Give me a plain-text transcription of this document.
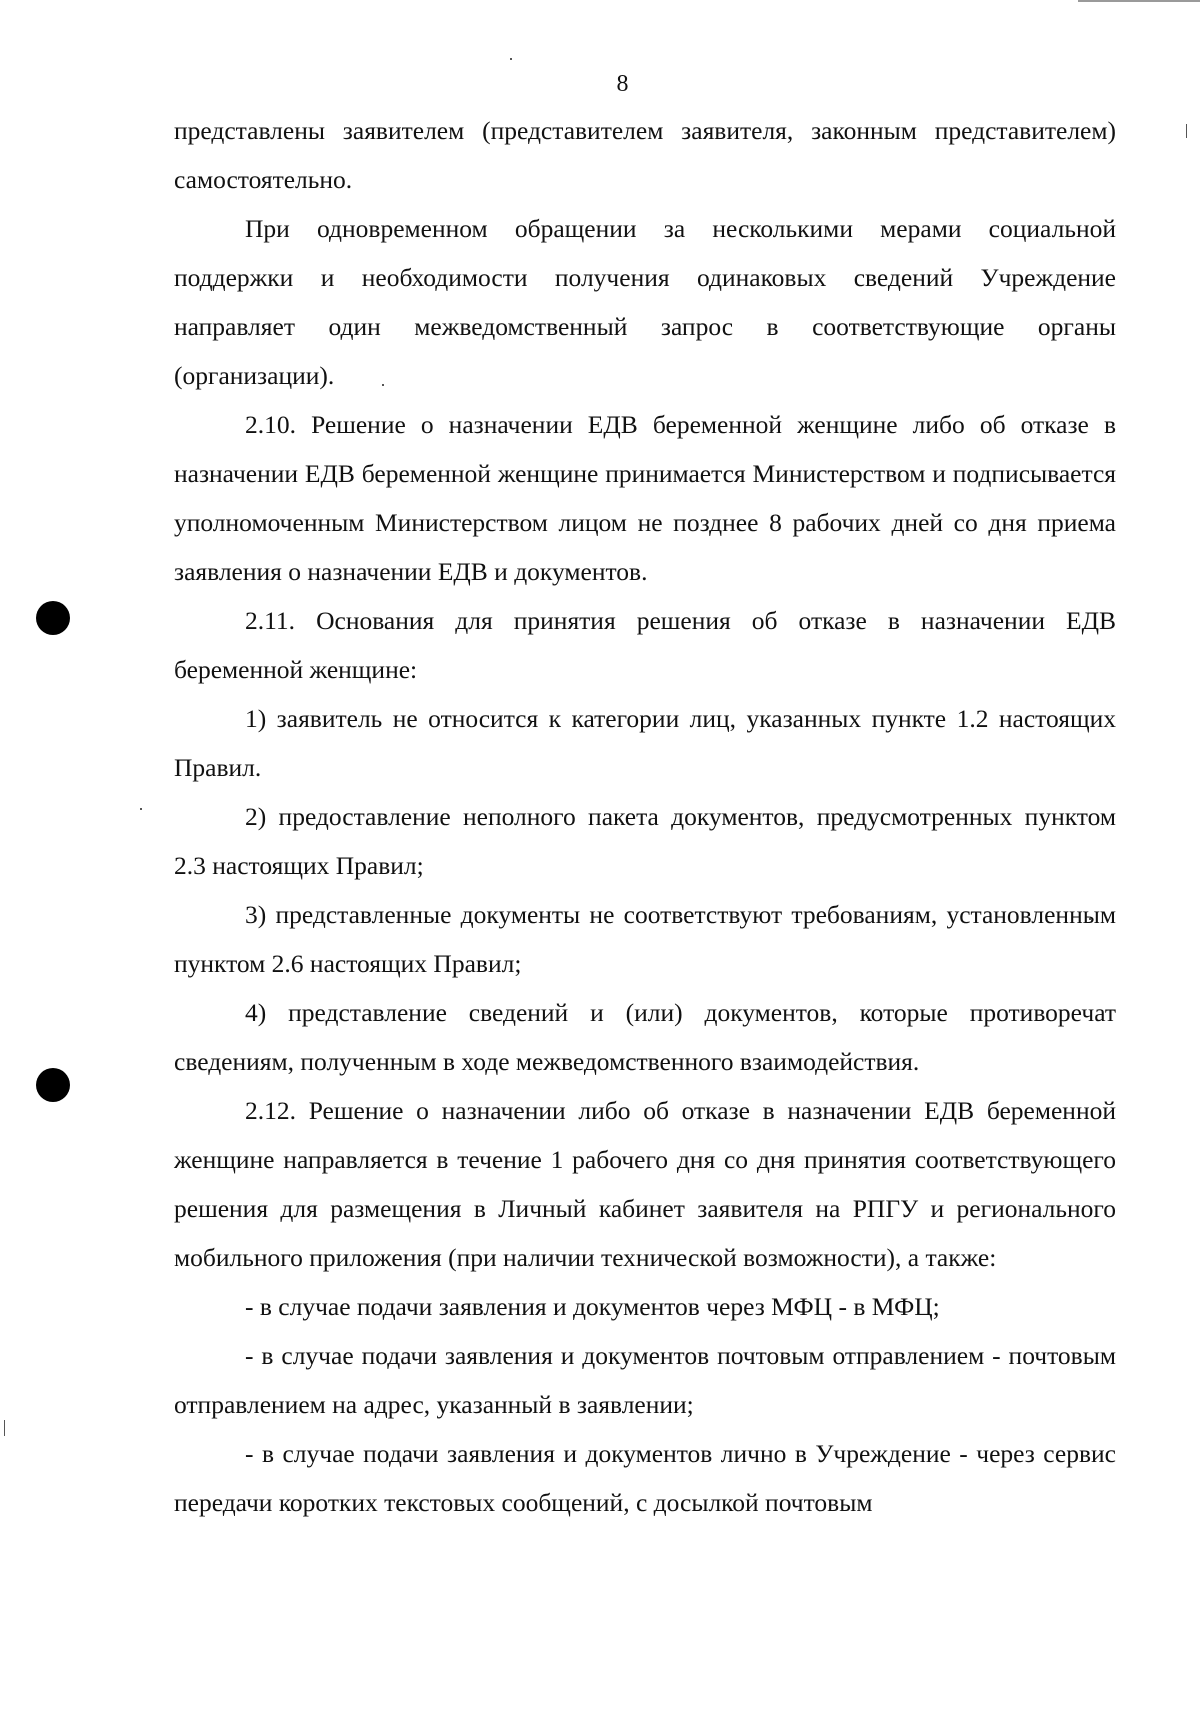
8

представлены заявителем (представителем заявителя, законным представителем) самостоятельно.

При одновременном обращении за несколькими мерами социальной поддержки и необходимости получения одинаковых сведений Учреждение направляет один межведомственный запрос в соответствующие органы (организации).

2.10. Решение о назначении ЕДВ беременной женщине либо об отказе в назначении ЕДВ беременной женщине принимается Министерством и подписывается уполномоченным Министерством лицом не позднее 8 рабочих дней со дня приема заявления о назначении ЕДВ и документов.

2.11. Основания для принятия решения об отказе в назначении ЕДВ беременной женщине:

1) заявитель не относится к категории лиц, указанных пункте 1.2 настоящих Правил.

2) предоставление неполного пакета документов, предусмотренных пунктом 2.3 настоящих Правил;

3) представленные документы не соответствуют требованиям, установленным пунктом 2.6 настоящих Правил;

4) представление сведений и (или) документов, которые противоречат сведениям, полученным в ходе межведомственного взаимодействия.

2.12. Решение о назначении либо об отказе в назначении ЕДВ беременной женщине направляется в течение 1 рабочего дня со дня принятия соответствующего решения для размещения в Личный кабинет заявителя на РПГУ и регионального мобильного приложения (при наличии технической возможности), а также:

- в случае подачи заявления и документов через МФЦ - в МФЦ;

- в случае подачи заявления и документов почтовым отправлением - почтовым отправлением на адрес, указанный в заявлении;

- в случае подачи заявления и документов лично в Учреждение - через сервис передачи коротких текстовых сообщений, с досылкой почтовым
